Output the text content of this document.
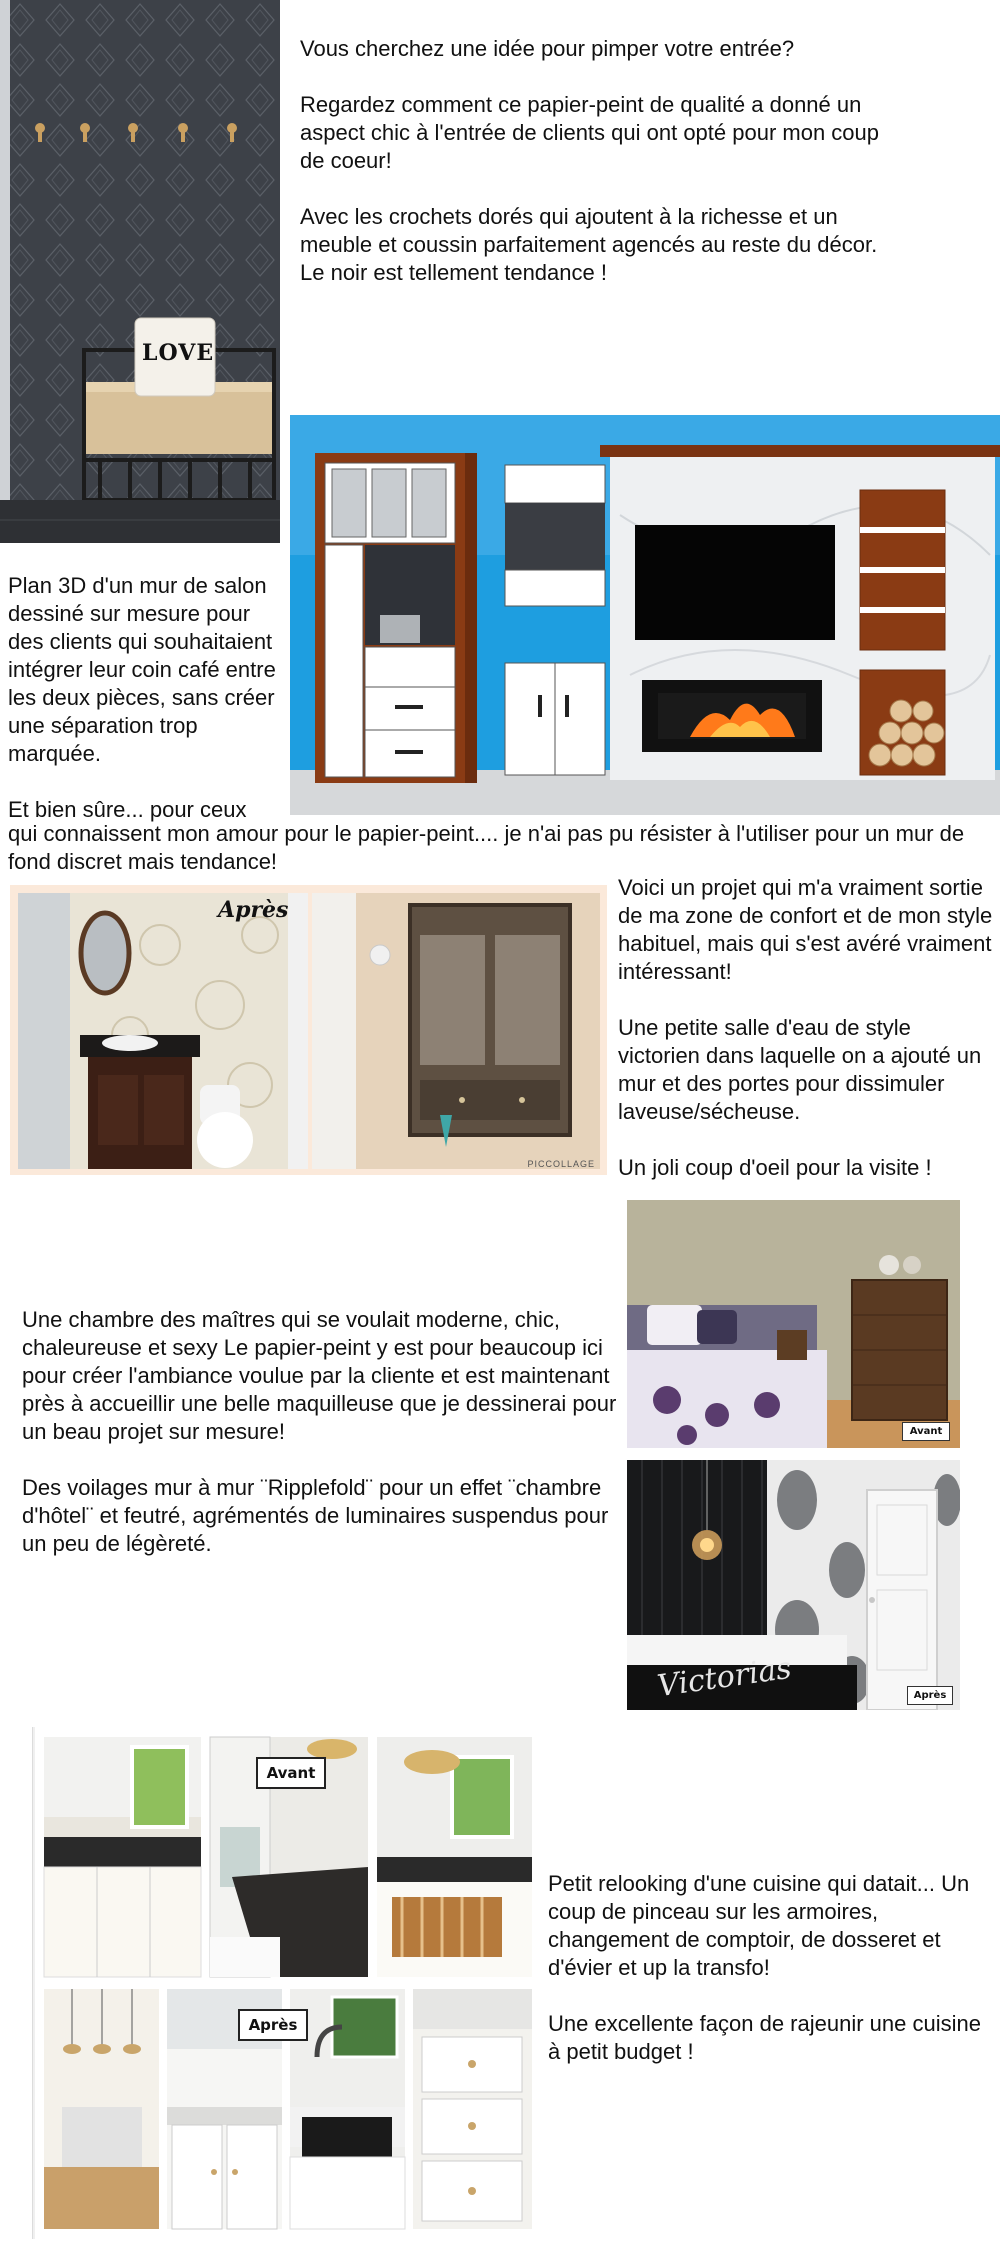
LOVE

Vous cherchez une idée pour pimper votre entrée?

Regardez comment ce papier-peint de qualité a donné un aspect chic à l'entrée de clients qui ont opté pour mon coup de coeur!

Avec les crochets dorés qui ajoutent à la richesse et un meuble et coussin parfaitement agencés au reste du décor. Le noir est tellement tendance !

Plan 3D d'un mur de salon dessiné sur mesure pour des clients qui souhaitaient intégrer leur coin café entre les deux pièces, sans créer une séparation trop marquée.

Et bien sûre... pour ceux

qui connaissent mon amour pour le papier-peint.... je n'ai pas pu résister à l'utiliser pour un mur de fond discret mais tendance!
Après
PICCOLLAGE

Voici un projet qui m'a vraiment sortie de ma zone de confort et de mon style habituel, mais qui s'est avéré vraiment intéressant!

Une petite salle d'eau de style victorien dans laquelle on a ajouté un mur et des portes pour dissimuler laveuse/sécheuse.

Un joli coup d'oeil pour la visite !

Une chambre des maîtres qui se voulait moderne, chic, chaleureuse et sexy Le papier-peint y est pour beaucoup ici pour créer l'ambiance voulue par la cliente et est maintenant près à accueillir une belle maquilleuse que je dessinerai pour un beau projet sur mesure!

Des voilages mur à mur ¨Ripplefold¨ pour un effet ¨chambre d'hôtel¨ et feutré, agrémentés de luminaires suspendus pour un peu de légèreté.

Avant
Victorias	Après
Avant
Après

Petit relooking d'une cuisine qui datait... Un coup de pinceau sur les armoires, changement de comptoir, de dosseret et d'évier et up la transfo!

Une excellente façon de rajeunir une cuisine à petit budget !
